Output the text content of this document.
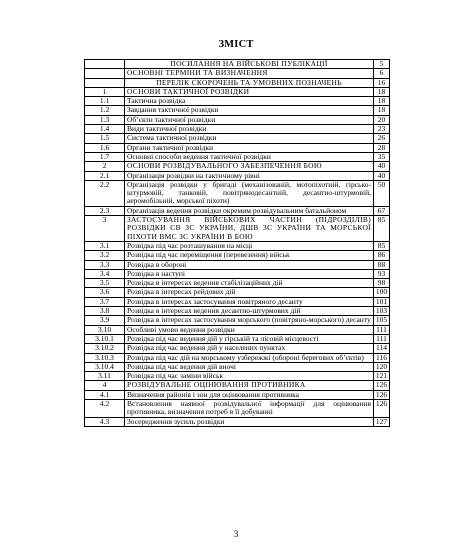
ЗМІСТ
	ПОСИЛАННЯ НА ВІЙСЬКОВІ ПУБЛІКАЦІЇ	5
	ОСНОВНІ ТЕРМІНИ ТА ВИЗНАЧЕННЯ	6
	ПЕРЕЛІК СКОРОЧЕНЬ ТА УМОВНИХ ПОЗНАЧЕНЬ	16
1	ОСНОВИ ТАКТИЧНОЇ РОЗВІДКИ	18
1.1	Тактична розвідка	18
1.2	Завдання тактичної розвідки	18
1.3	Об’єкти тактичної розвідки	20
1.4	Види тактичної розвідки	23
1.5	Система тактичної розвідки	26
1.6	Органи тактичної розвідки	28
1.7	Основні способи ведення тактичної розвідки	35
2	ОСНОВИ РОЗВІДУВАЛЬНОГО ЗАБЕЗПЕЧЕННЯ БОЮ	40
2.1	Організація розвідки на тактичному рівні	40
2.2	Організація розвідки у бригаді (механізованій, мотопіхотній, гірсько-штурмовій, танковій, повітрянодесантній, десантно-штурмовій, аеромобільній, морської піхоти)	50
2.3	Організація ведення розвідки окремим розвідувальним батальйоном	67
3	ЗАСТОСУВАННЯ ВІЙСЬКОВИХ ЧАСТИН (ПІДРОЗДІЛІВ) РОЗВІДКИ СВ ЗС УКРАЇНИ, ДШВ ЗС УКРАЇНИ ТА МОРСЬКОЇ ПІХОТИ ВМС ЗС УКРАЇНИ В БОЮ	85
3.1	Розвідка під час розташування на місці	85
3.2	Розвідка під час переміщення (перевезення) військ	86
3.3	Розвідка в обороні	88
3.4	Розвідка в наступі	93
3.5	Розвідка в інтересах ведення стабілізаційних дій	98
3.6	Розвідка в інтересах рейдових дій	100
3.7	Розвідка в інтересах застосування повітряного десанту	101
3.8	Розвідка в інтересах ведення десантно-штурмових дій	103
3.9	Розвідка в інтересах застосування морського (повітряно-морського) десанту	105
3.10	Особливі умови ведення розвідки	111
3.10.1	Розвідка під час ведення дій у гірській та лісовій місцевості	111
3.10.2	Розвідка під час ведення дій у населених пунктах	114
3.10.3	Розвідка під час дій на морському узбережжі (обороні берегових об’єктів)	116
3.10.4	Розвідка під час ведення дій вночі	120
3.11	Розвідка під час заміни військ	121
4	РОЗВІДУВАЛЬНЕ ОЦІНЮВАННЯ ПРОТИВНИКА	126
4.1	Визначення районів і зон для оцінювання противника	126
4.2	Встановлення наявної розвідувальної інформації для оцінювання противника, визначення потреб в її добуванні	126
4.3	Зосередження зусиль розвідки	127
3
